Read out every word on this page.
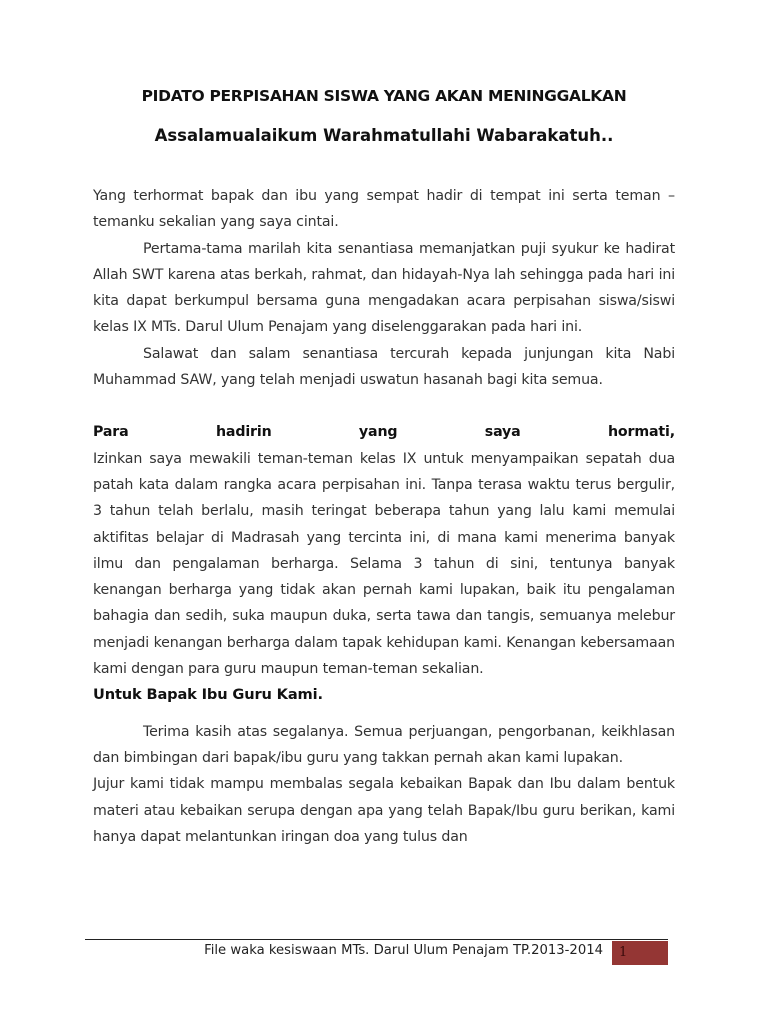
PIDATO PERPISAHAN SISWA YANG AKAN MENINGGALKAN
Assalamualaikum Warahmatullahi Wabarakatuh..

Yang terhormat bapak dan ibu yang sempat hadir di tempat ini serta teman – temanku sekalian yang saya cintai.

Pertama-tama marilah kita senantiasa memanjatkan puji syukur ke hadirat Allah SWT karena atas berkah, rahmat, dan hidayah-Nya lah sehingga pada hari ini kita dapat berkumpul bersama guna mengadakan acara perpisahan siswa/siswi kelas IX MTs. Darul Ulum Penajam yang diselenggarakan pada hari ini.

Salawat dan salam senantiasa tercurah kepada junjungan kita Nabi Muhammad SAW, yang telah menjadi uswatun hasanah bagi kita semua.

Para hadirin yang saya hormati,

Izinkan saya mewakili teman-teman kelas IX untuk menyampaikan sepatah dua patah kata dalam rangka acara perpisahan ini. Tanpa terasa waktu terus bergulir, 3 tahun telah berlalu, masih teringat beberapa tahun yang lalu kami memulai aktifitas belajar di Madrasah yang tercinta ini, di mana kami menerima banyak ilmu dan pengalaman berharga. Selama 3 tahun di sini, tentunya banyak kenangan berharga yang tidak akan pernah kami lupakan, baik itu pengalaman bahagia dan sedih, suka maupun duka, serta tawa dan tangis, semuanya melebur menjadi kenangan berharga dalam tapak kehidupan kami. Kenangan kebersamaan kami dengan para guru maupun teman-teman sekalian.

Untuk Bapak Ibu Guru Kami.

Terima kasih atas segalanya. Semua perjuangan, pengorbanan, keikhlasan dan bimbingan dari bapak/ibu guru yang takkan pernah akan kami lupakan.

Jujur kami tidak mampu membalas segala kebaikan Bapak dan Ibu dalam bentuk materi atau kebaikan serupa dengan apa yang telah Bapak/Ibu guru berikan, kami hanya dapat melantunkan iringan doa yang tulus dan

File waka kesiswaan MTs. Darul Ulum Penajam TP.2013-2014	1
